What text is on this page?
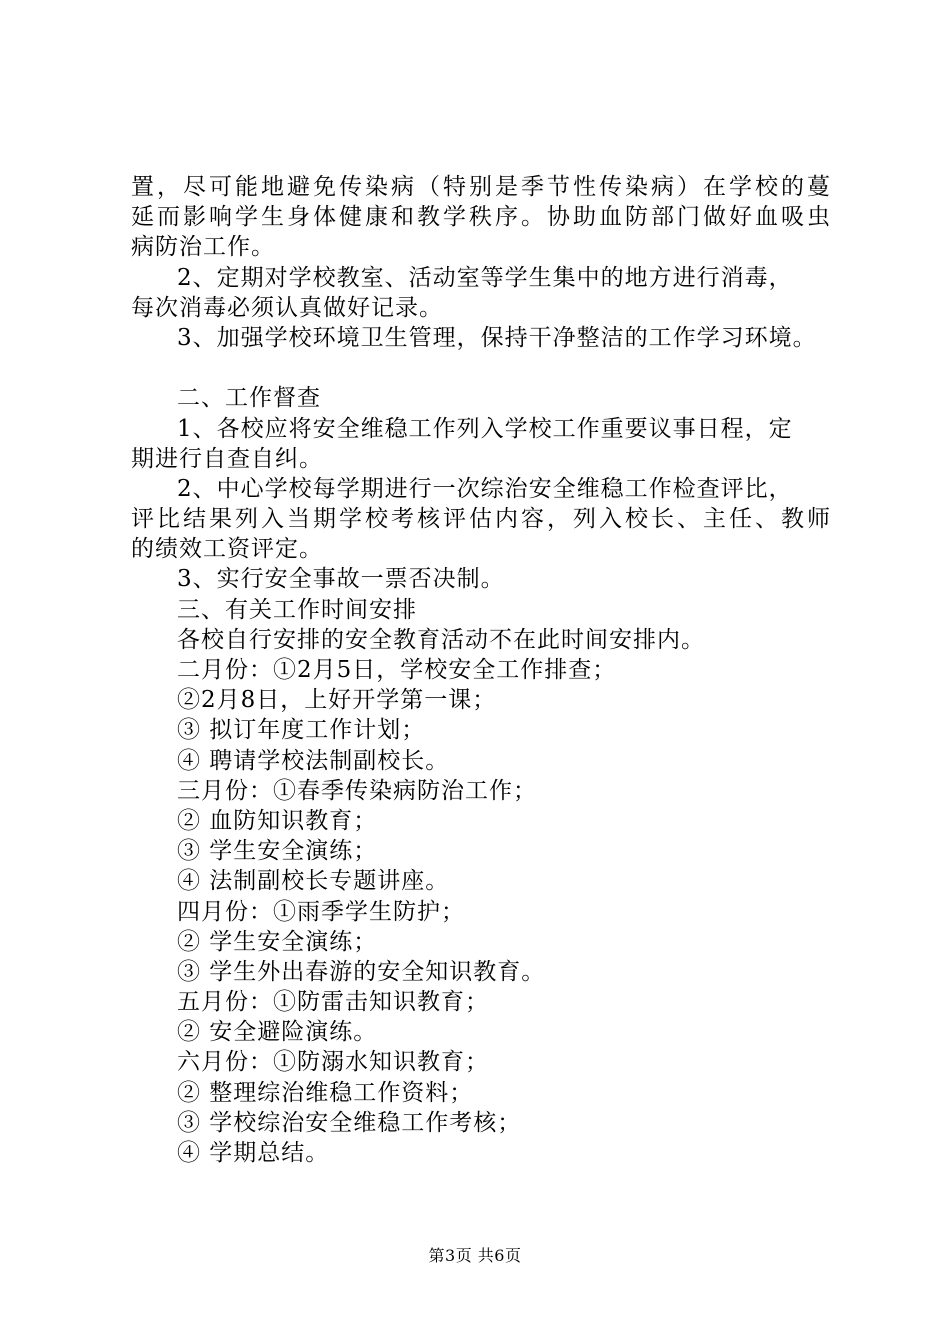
置 ， 尽 可 能 地 避 免 传 染 病 （ 特 别 是 季 节 性 传 染 病 ） 在 学 校 的 蔓
延 而 影 响 学 生 身 体 健 康 和 教 学 秩 序 。 协 助 血 防 部 门 做 好 血 吸 虫
病防治工作。
2、定期对学校教室、活动室等学生集中的地方进行消毒，
每次消毒必须认真做好记录。
3、加强学校环境卫生管理，保持干净整洁的工作学习环境。
二、工作督查
1、各校应将安全维稳工作列入学校工作重要议事日程，定
期进行自查自纠。
2、中心学校每学期进行一次综治安全维稳工作检查评比，
评 比 结 果 列 入 当 期 学 校 考 核 评 估 内 容 ， 列 入 校 长 、 主 任 、 教 师
的绩效工资评定。
3、实行安全事故一票否决制。
三、有关工作时间安排
各校自行安排的安全教育活动不在此时间安排内。
二月份：①2月5日，学校安全工作排查；
②2月8日，上好开学第一课；
③ 拟订年度工作计划；
④ 聘请学校法制副校长。
三月份：①春季传染病防治工作；
② 血防知识教育；
③ 学生安全演练；
④ 法制副校长专题讲座。
四月份：①雨季学生防护；
② 学生安全演练；
③ 学生外出春游的安全知识教育。
五月份：①防雷击知识教育；
② 安全避险演练。
六月份：①防溺水知识教育；
② 整理综治维稳工作资料；
③ 学校综治安全维稳工作考核；
④ 学期总结。
第3页 共6页
